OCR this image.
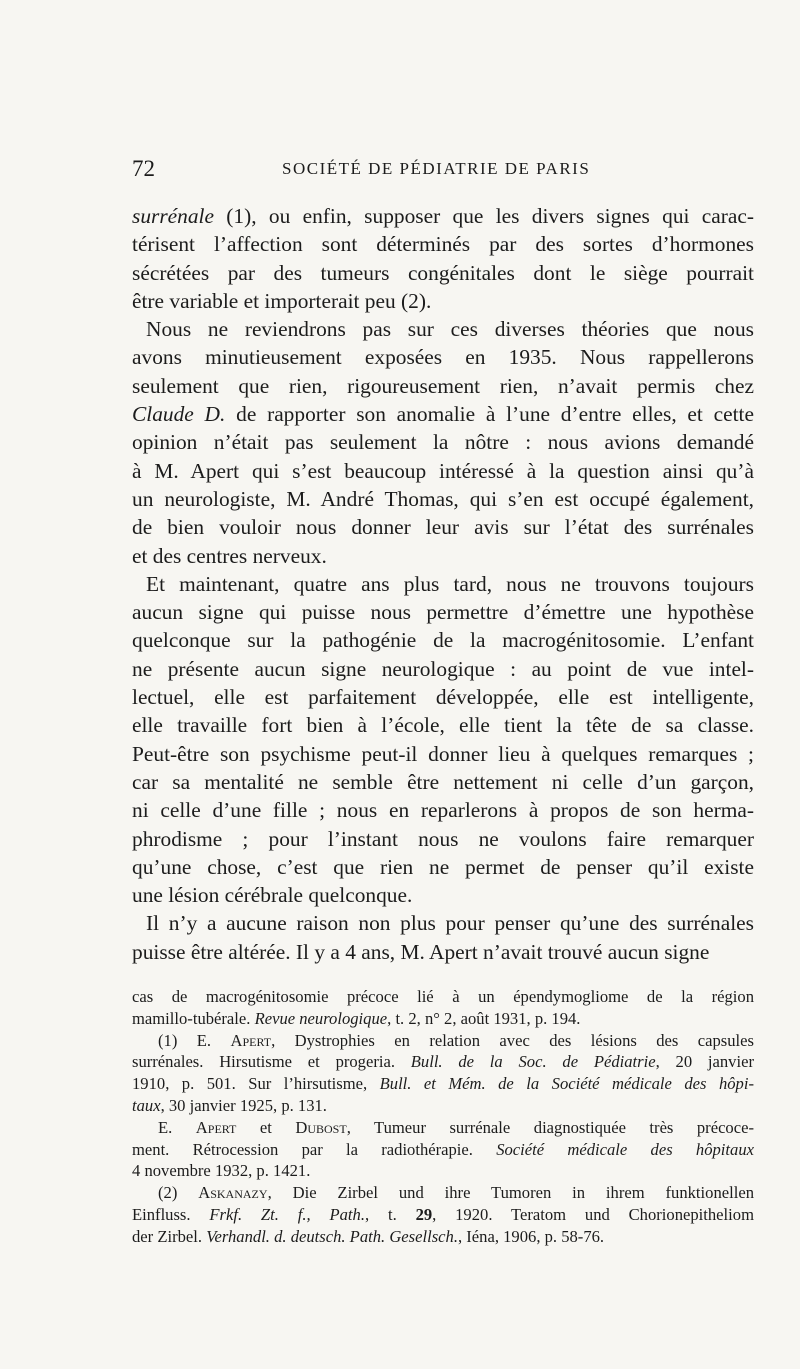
72	SOCIÉTÉ DE PÉDIATRIE DE PARIS
surrénale (1), ou enfin, supposer que les divers signes qui carac-
térisent l’affection sont déterminés par des sortes d’hormones
sécrétées par des tumeurs congénitales dont le siège pourrait
être variable et importerait peu (2).
Nous ne reviendrons pas sur ces diverses théories que nous
avons minutieusement exposées en 1935. Nous rappellerons
seulement que rien, rigoureusement rien, n’avait permis chez
Claude D. de rapporter son anomalie à l’une d’entre elles, et cette
opinion n’était pas seulement la nôtre : nous avions demandé
à M. Apert qui s’est beaucoup intéressé à la question ainsi qu’à
un neurologiste, M. André Thomas, qui s’en est occupé également,
de bien vouloir nous donner leur avis sur l’état des surrénales
et des centres nerveux.
Et maintenant, quatre ans plus tard, nous ne trouvons toujours
aucun signe qui puisse nous permettre d’émettre une hypothèse
quelconque sur la pathogénie de la macrogénitosomie. L’enfant
ne présente aucun signe neurologique : au point de vue intel-
lectuel, elle est parfaitement développée, elle est intelligente,
elle travaille fort bien à l’école, elle tient la tête de sa classe.
Peut-être son psychisme peut-il donner lieu à quelques remarques ;
car sa mentalité ne semble être nettement ni celle d’un garçon,
ni celle d’une fille ; nous en reparlerons à propos de son herma-
phrodisme ; pour l’instant nous ne voulons faire remarquer
qu’une chose, c’est que rien ne permet de penser qu’il existe
une lésion cérébrale quelconque.
Il n’y a aucune raison non plus pour penser qu’une des surrénales
puisse être altérée. Il y a 4 ans, M. Apert n’avait trouvé aucun signe
cas de macrogénitosomie précoce lié à un épendymogliome de la région
mamillo-tubérale. Revue neurologique, t. 2, n° 2, août 1931, p. 194.
(1) E. Apert, Dystrophies en relation avec des lésions des capsules
surrénales. Hirsutisme et progeria. Bull. de la Soc. de Pédiatrie, 20 janvier
1910, p. 501. Sur l’hirsutisme, Bull. et Mém. de la Société médicale des hôpi-
taux, 30 janvier 1925, p. 131.
E. Apert et Dubost, Tumeur surrénale diagnostiquée très précoce-
ment. Rétrocession par la radiothérapie. Société médicale des hôpitaux
4 novembre 1932, p. 1421.
(2) Askanazy, Die Zirbel und ihre Tumoren in ihrem funktionellen
Einfluss. Frkf. Zt. f., Path., t. 29, 1920. Teratom und Chorionepitheliom
der Zirbel. Verhandl. d. deutsch. Path. Gesellsch., Iéna, 1906, p. 58-76.
